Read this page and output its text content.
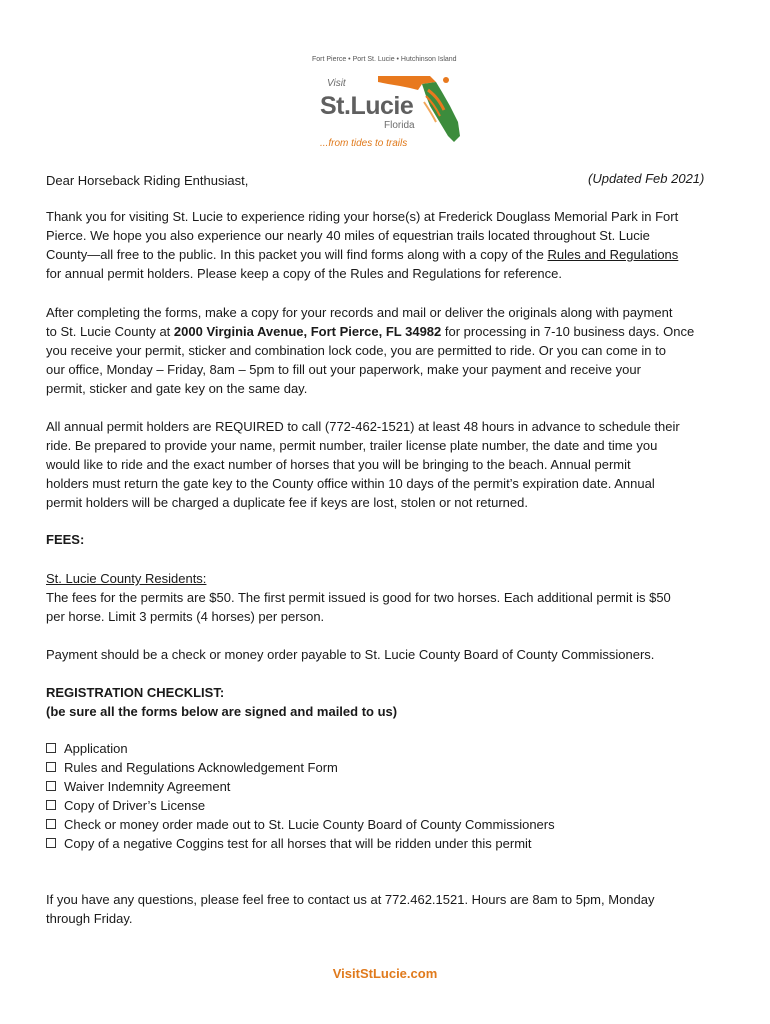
Fort Pierce • Port St. Lucie • Hutchinson Island
Visit
St.Lucie
Florida
...from tides to trails
Dear Horseback Riding Enthusiast,	(Updated Feb 2021)
Thank you for visiting St. Lucie to experience riding your horse(s) at Frederick Douglass Memorial Park in Fort
Pierce. We hope you also experience our nearly 40 miles of equestrian trails located throughout St. Lucie
County—all free to the public. In this packet you will find forms along with a copy of the Rules and Regulations
for annual permit holders. Please keep a copy of the Rules and Regulations for reference.
After completing the forms, make a copy for your records and mail or deliver the originals along with payment
to St. Lucie County at 2000 Virginia Avenue, Fort Pierce, FL 34982 for processing in 7-10 business days. Once
you receive your permit, sticker and combination lock code, you are permitted to ride. Or you can come in to
our office, Monday – Friday, 8am – 5pm to fill out your paperwork, make your payment and receive your
permit, sticker and gate key on the same day.
All annual permit holders are REQUIRED to call (772-462-1521) at least 48 hours in advance to schedule their
ride. Be prepared to provide your name, permit number, trailer license plate number, the date and time you
would like to ride and the exact number of horses that you will be bringing to the beach. Annual permit
holders must return the gate key to the County office within 10 days of the permit’s expiration date. Annual
permit holders will be charged a duplicate fee if keys are lost, stolen or not returned.
FEES:
St. Lucie County Residents:
The fees for the permits are $50. The first permit issued is good for two horses. Each additional permit is $50
per horse. Limit 3 permits (4 horses) per person.
Payment should be a check or money order payable to St. Lucie County Board of County Commissioners.
REGISTRATION CHECKLIST:
(be sure all the forms below are signed and mailed to us)
Application
Rules and Regulations Acknowledgement Form
Waiver Indemnity Agreement
Copy of Driver’s License
Check or money order made out to St. Lucie County Board of County Commissioners
Copy of a negative Coggins test for all horses that will be ridden under this permit
If you have any questions, please feel free to contact us at 772.462.1521. Hours are 8am to 5pm, Monday
through Friday.
VisitStLucie.com
